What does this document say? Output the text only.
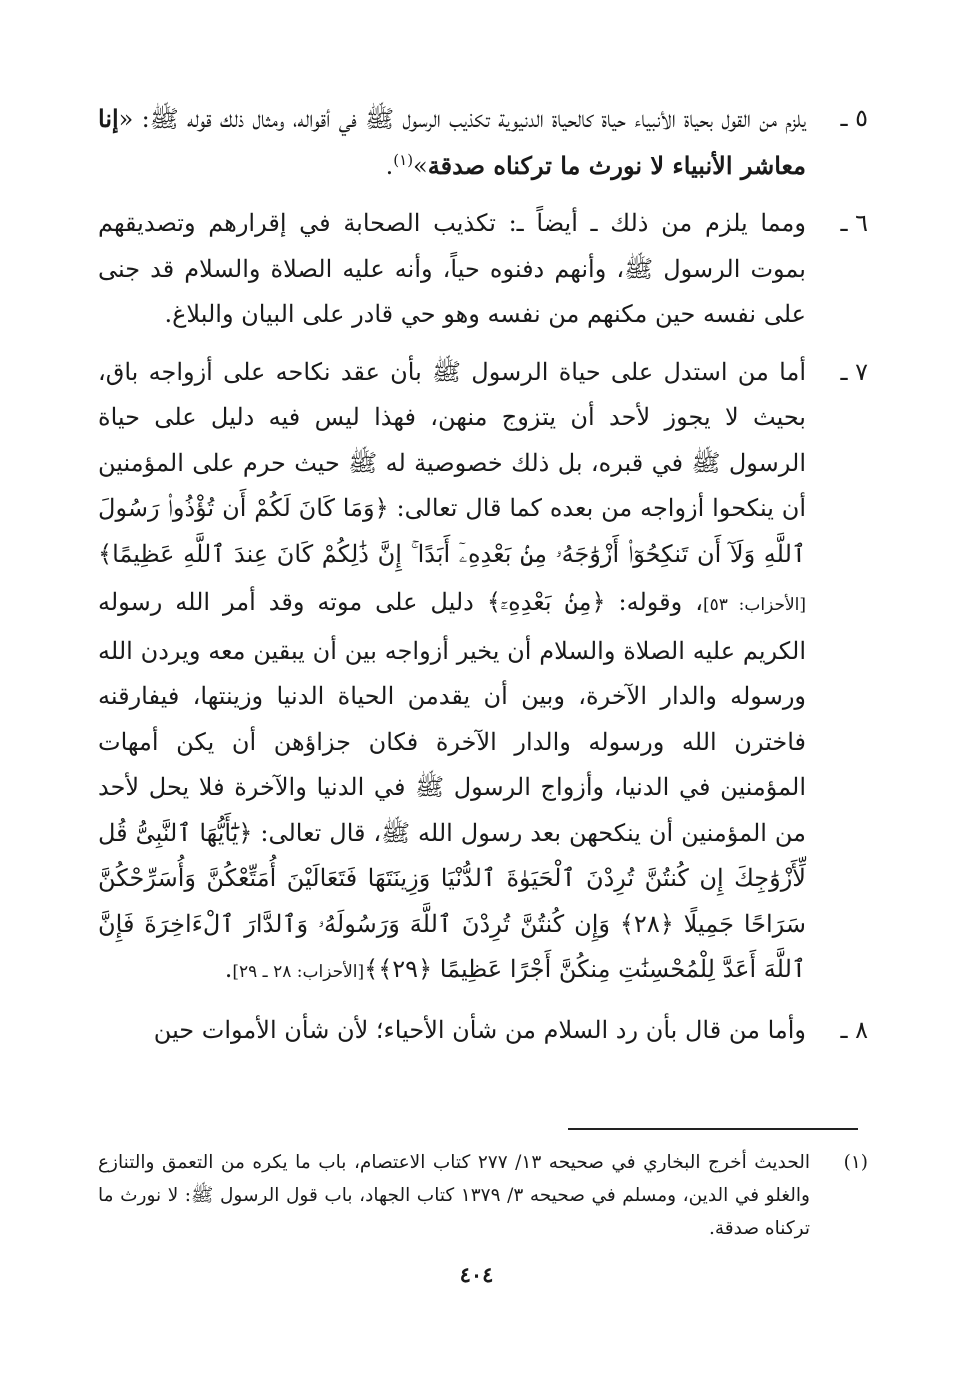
٥ ـ

يلزم من القول بحياة الأنبياء حياة كالحياة الدنيوية تكذيب الرسول ﷺ في أقواله، ومثال ذلك قوله ﷺ: «إنا معاشر الأنبياء لا نورث ما تركناه صدقة»$^{(١)}$.

٦ ـ

ومما يلزم من ذلك ـ أيضاً ـ: تكذيب الصحابة في إقرارهم وتصديقهم بموت الرسول ﷺ، وأنهم دفنوه حياً، وأنه عليه الصلاة والسلام قد جنى على نفسه حين مكنهم من نفسه وهو حي قادر على البيان والبلاغ.

٧ ـ

أما من استدل على حياة الرسول ﷺ بأن عقد نكاحه على أزواجه باق، بحيث لا يجوز لأحد أن يتزوج منهن، فهذا ليس فيه دليل على حياة الرسول ﷺ في قبره، بل ذلك خصوصية له ﷺ حيث حرم على المؤمنين أن ينكحوا أزواجه من بعده كما قال تعالى: ﴿وَمَا كَانَ لَكُمْ أَن تُؤْذُوا۟ رَسُولَ ٱللَّهِ وَلَآ أَن تَنكِحُوٓا۟ أَزْوَٰجَهُۥ مِنۢ بَعْدِهِۦٓ أَبَدًا ۚ إِنَّ ذَٰلِكُمْ كَانَ عِندَ ٱللَّهِ عَظِيمًا﴾ [الأحزاب: ٥٣]، وقوله: ﴿مِنۢ بَعْدِهِۦٓ﴾ دليل على موته وقد أمر الله رسوله الكريم عليه الصلاة والسلام أن يخير أزواجه بين أن يبقين معه ويردن الله ورسوله والدار الآخرة، وبين أن يقدمن الحياة الدنيا وزينتها، فيفارقنه فاخترن الله ورسوله والدار الآخرة فكان جزاؤهن أن يكن أمهات المؤمنين في الدنيا، وأزواج الرسول ﷺ في الدنيا والآخرة فلا يحل لأحد من المؤمنين أن ينكحهن بعد رسول الله ﷺ، قال تعالى: ﴿يَٰٓأَيُّهَا ٱلنَّبِىُّ قُل لِّأَزْوَٰجِكَ إِن كُنتُنَّ تُرِدْنَ ٱلْحَيَوٰةَ ٱلدُّنْيَا وَزِينَتَهَا فَتَعَالَيْنَ أُمَتِّعْكُنَّ وَأُسَرِّحْكُنَّ سَرَاحًا جَمِيلًا ﴿٢٨﴾ وَإِن كُنتُنَّ تُرِدْنَ ٱللَّهَ وَرَسُولَهُۥ وَٱلدَّارَ ٱلْءَاخِرَةَ فَإِنَّ ٱللَّهَ أَعَدَّ لِلْمُحْسِنَٰتِ مِنكُنَّ أَجْرًا عَظِيمًا ﴿٢٩﴾﴾[الأحزاب: ٢٨ ـ ٢٩].

٨ ـ

وأما من قال بأن رد السلام من شأن الأحياء؛ لأن شأن الأموات حين

(١)

الحديث أخرج البخاري في صحيحه ١٣/ ٢٧٧ كتاب الاعتصام، باب ما يكره من التعمق والتنازع والغلو في الدين، ومسلم في صحيحه ٣/ ١٣٧٩ كتاب الجهاد، باب قول الرسول ﷺ: لا نورث ما تركناه صدقة.

٤٠٤
